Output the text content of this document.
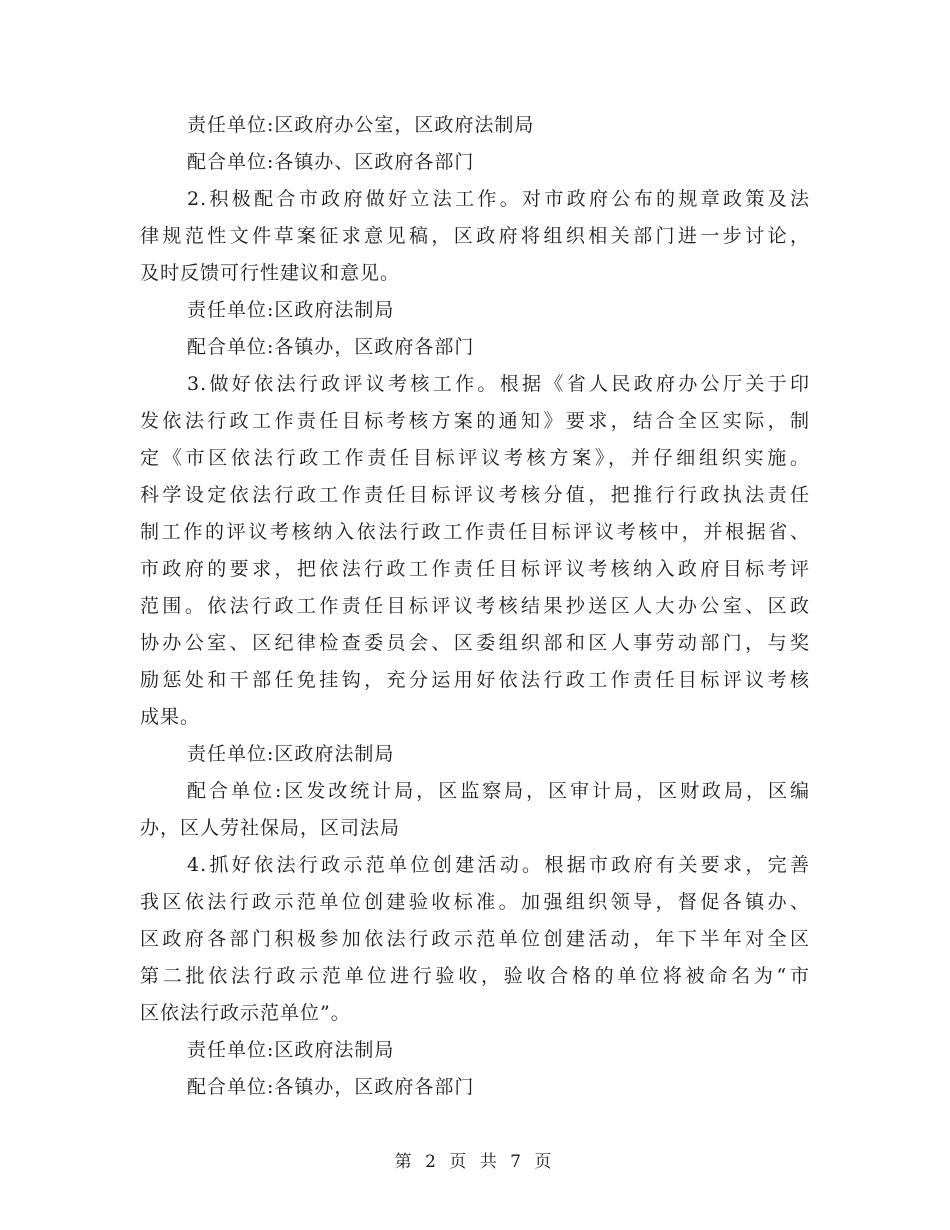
责任单位:区政府办公室，区政府法制局
配合单位:各镇办、区政府各部门
2.积极配合市政府做好立法工作。对市政府公布的规章政策及法
律规范性文件草案征求意见稿，区政府将组织相关部门进一步讨论，
及时反馈可行性建议和意见。
责任单位:区政府法制局
配合单位:各镇办，区政府各部门
3.做好依法行政评议考核工作。根据《省人民政府办公厅关于印
发依法行政工作责任目标考核方案的通知》要求，结合全区实际，制
定《市区依法行政工作责任目标评议考核方案》，并仔细组织实施。
科学设定依法行政工作责任目标评议考核分值，把推行行政执法责任
制工作的评议考核纳入依法行政工作责任目标评议考核中，并根据省、
市政府的要求，把依法行政工作责任目标评议考核纳入政府目标考评
范围。依法行政工作责任目标评议考核结果抄送区人大办公室、区政
协办公室、区纪律检查委员会、区委组织部和区人事劳动部门，与奖
励惩处和干部任免挂钩，充分运用好依法行政工作责任目标评议考核
成果。
责任单位:区政府法制局
配合单位:区发改统计局，区监察局，区审计局，区财政局，区编
办，区人劳社保局，区司法局
4.抓好依法行政示范单位创建活动。根据市政府有关要求，完善
我区依法行政示范单位创建验收标准。加强组织领导，督促各镇办、
区政府各部门积极参加依法行政示范单位创建活动，年下半年对全区
第二批依法行政示范单位进行验收，验收合格的单位将被命名为“市
区依法行政示范单位”。
责任单位:区政府法制局
配合单位:各镇办，区政府各部门
第 2 页 共 7 页
